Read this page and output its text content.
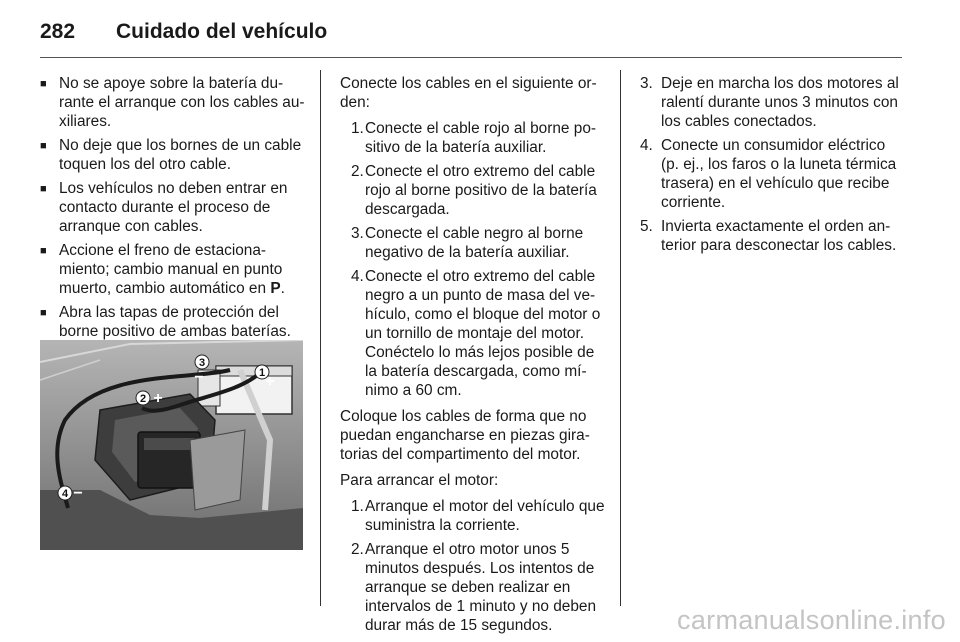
282	Cuidado del vehículo
■ No se apoye sobre la batería durante el arranque con los cables auxiliares.
■ No deje que los bornes de un cable toquen los del otro cable.
■ Los vehículos no deben entrar en contacto durante el proceso de arranque con cables.
■ Accione el freno de estacionamiento; cambio manual en punto muerto, cambio automático en P.
■ Abra las tapas de protección del borne positivo de ambas baterías.
3
−	1 +
2 +
4 −

Conecte los cables en el siguiente orden:

1. Conecte el cable rojo al borne positivo de la batería auxiliar.
2. Conecte el otro extremo del cable rojo al borne positivo de la batería descargada.
3. Conecte el cable negro al borne negativo de la batería auxiliar.
4. Conecte el otro extremo del cable negro a un punto de masa del vehículo, como el bloque del motor o un tornillo de montaje del motor. Conéctelo lo más lejos posible de la batería descargada, como mínimo a 60 cm.

Coloque los cables de forma que no puedan engancharse en piezas giratorias del compartimento del motor.

Para arrancar el motor:

1. Arranque el motor del vehículo que suministra la corriente.
2. Arranque el otro motor unos 5 minutos después. Los intentos de arranque se deben realizar en intervalos de 1 minuto y no deben durar más de 15 segundos.
3. Deje en marcha los dos motores al ralentí durante unos 3 minutos con los cables conectados.
4. Conecte un consumidor eléctrico (p. ej., los faros o la luneta térmica trasera) en el vehículo que recibe corriente.
5. Invierta exactamente el orden anterior para desconectar los cables.
carmanualsonline.info
